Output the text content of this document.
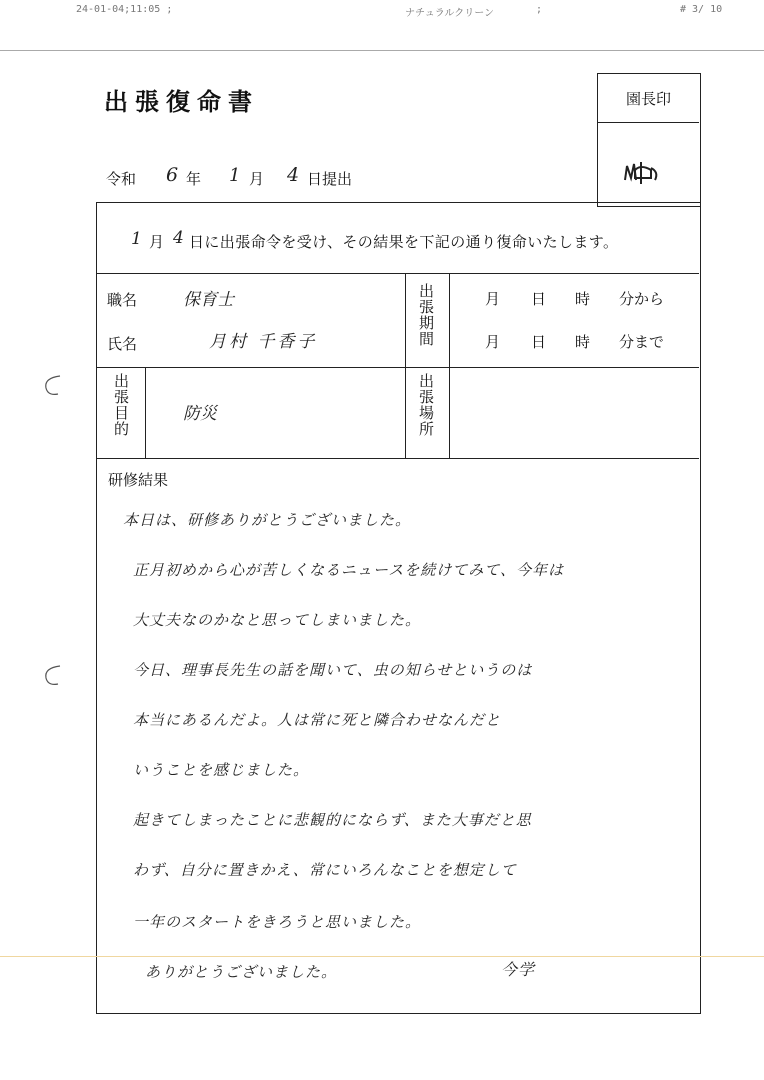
24-01-04;11:05 ;	ナチュラルクリーン	;	# 3/ 10
出張復命書	園長印
令和 6 年 1 月 4 日提出
1 月 4 日に出張命令を受け、その結果を下記の通り復命いたします。
職名	保育士
氏名	月村 千香子	出張期間	月 日 時 分から
月 日 時 分まで
出張目的	防災	出張場所
研修結果
本日は、研修ありがとうございました。
正月初めから心が苦しくなるニュースを続けてみて、今年は
大丈夫なのかなと思ってしまいました。
今日、理事長先生の話を聞いて、虫の知らせというのは
本当にあるんだよ。人は常に死と隣合わせなんだと
いうことを感じました。
起きてしまったことに悲観的にならず、また大事だと思
わず、自分に置きかえ、常にいろんなことを想定して
一年のスタートをきろうと思いました。
ありがとうございました。	今学
